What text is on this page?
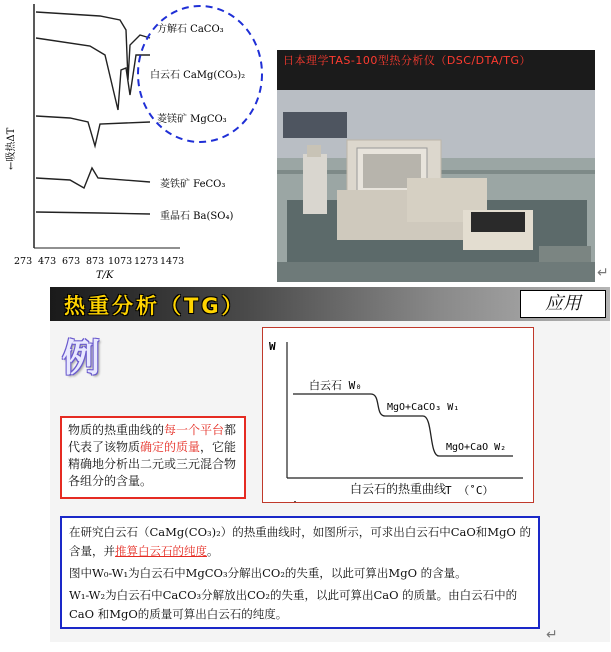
←吸热ΔT
273 473 673 873 1073 1273 1473
T/K
方解石 CaCO₃
白云石 CaMg(CO₃)₂
菱镁矿 MgCO₃
菱铁矿 FeCO₃
重晶石 Ba(SO₄)
日本理学TAS-100型热分析仪（DSC/DTA/TG）
↵
热重分析（TG）	应用
例
物质的热重曲线的每一个平台都代表了该物质确定的质量，它能精确地分析出二元或三元混合物各组分的含量。
W
白云石 W₀
MgO+CaCO₃ W₁
MgO+CaO W₂
T （˚C）
白云石的热重曲线

在研究白云石（CaMg(CO₃)₂）的热重曲线时，如图所示，可求出白云石中CaO和MgO 的含量，并推算白云石的纯度。

图中W₀-W₁为白云石中MgCO₃分解出CO₂的失重，以此可算出MgO 的含量。

W₁-W₂为白云石中CaCO₃分解放出CO₂的失重，以此可算出CaO 的质量。由白云石中的CaO 和MgO的质量可算出白云石的纯度。

↵
